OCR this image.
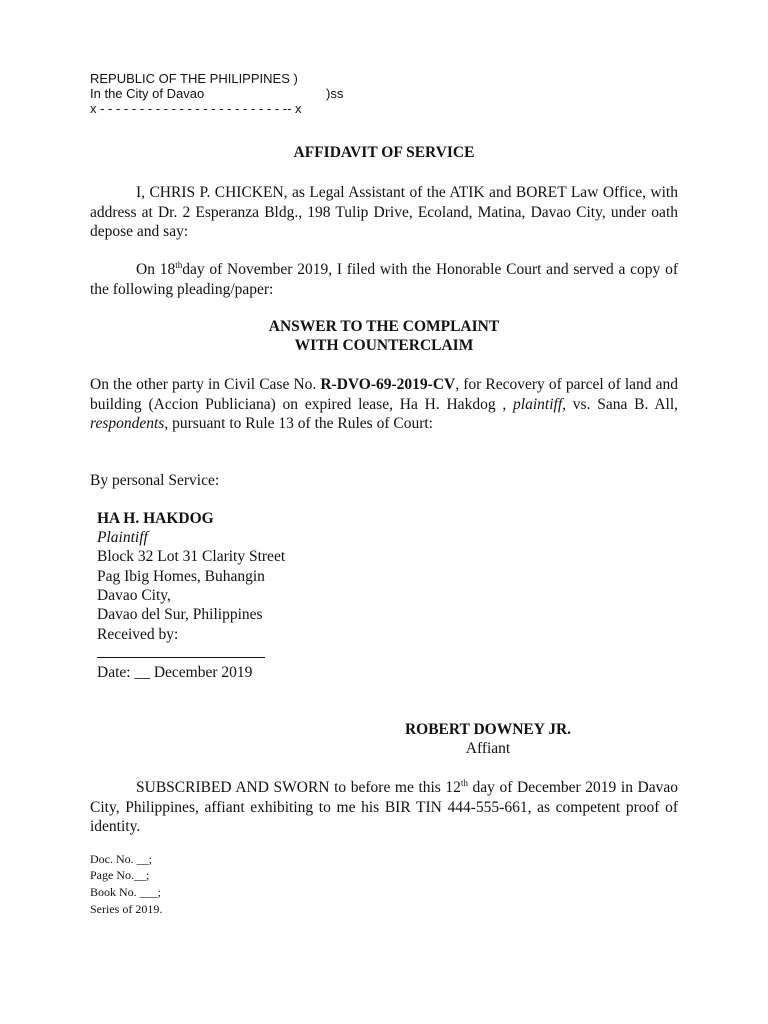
REPUBLIC OF THE PHILIPPINES )
In the City of Davao	)ss
x - - - - - - - - - - - - - - - - - - - - - - - -- x
AFFIDAVIT OF SERVICE
I, CHRIS P. CHICKEN, as Legal Assistant of the ATIK and BORET Law Office, with address at Dr. 2 Esperanza Bldg., 198 Tulip Drive, Ecoland, Matina, Davao City, under oath depose and say:
On 18thday of November 2019, I filed with the Honorable Court and served a copy of the following pleading/paper:
ANSWER TO THE COMPLAINT
WITH COUNTERCLAIM
On the other party in Civil Case No. R-DVO-69-2019-CV, for Recovery of parcel of land and building (Accion Publiciana) on expired lease, Ha H. Hakdog , plaintiff, vs. Sana B. All, respondents, pursuant to Rule 13 of the Rules of Court:
By personal Service:
HA H. HAKDOG
Plaintiff
Block 32 Lot 31 Clarity Street
Pag Ibig Homes, Buhangin
Davao City,
Davao del Sur, Philippines
Received by:
Date: __ December 2019
ROBERT DOWNEY JR.
Affiant
SUBSCRIBED AND SWORN to before me this 12th day of December 2019 in Davao City, Philippines, affiant exhibiting to me his BIR TIN 444-555-661, as competent proof of identity.
Doc. No. __;
Page No.__;
Book No. ___;
Series of 2019.
